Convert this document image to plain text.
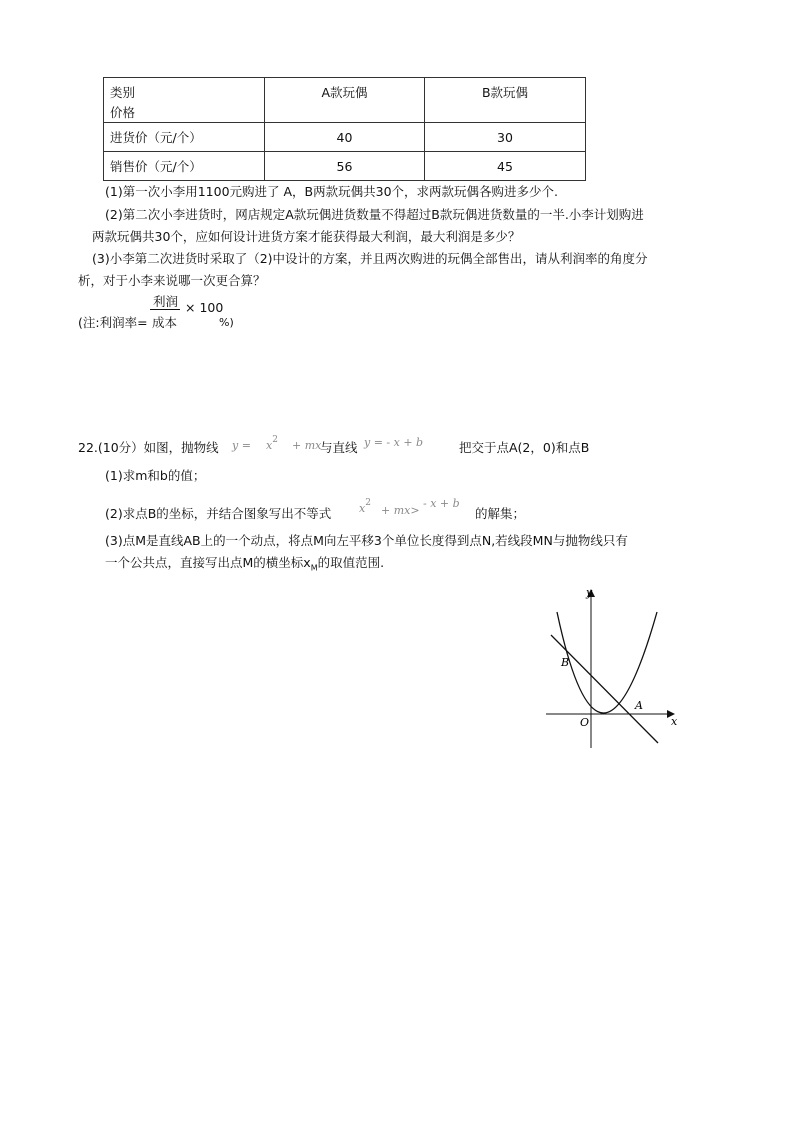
类别
价格	A款玩偶	B款玩偶
进货价（元/个）	40	30
销售价（元/个）	56	45
(1)第一次小李用1100元购进了 A，B两款玩偶共30个，求两款玩偶各购进多少个.
(2)第二次小李进货时，网店规定A款玩偶进货数量不得超过B款玩偶进货数量的一半.小李计划购进
两款玩偶共30个，应如何设计进货方案才能获得最大利润，最大利润是多少？
(3)小李第二次进货时采取了（2)中设计的方案，并且两次购进的玩偶全部售出，请从利润率的角度分
析，对于小李来说哪一次更合算？
利润
(注:利润率= 成本
× 100
%)
22.(10分）如图，抛物线 $y = x^2$ + mx
与直线 y = - x + b	把交于点A(2，0)和点B
(1)求m和b的值；
(2)求点B的坐标，并结合图象写出不等式	$x^2$
+ mx>
- x + b
的解集；
(3)点M是直线AB上的一个动点，将点M向左平移3个单位长度得到点N,若线段MN与抛物线只有
一个公共点，直接写出点M的横坐标$x_M$的取值范围.
y
x
O
A
B
